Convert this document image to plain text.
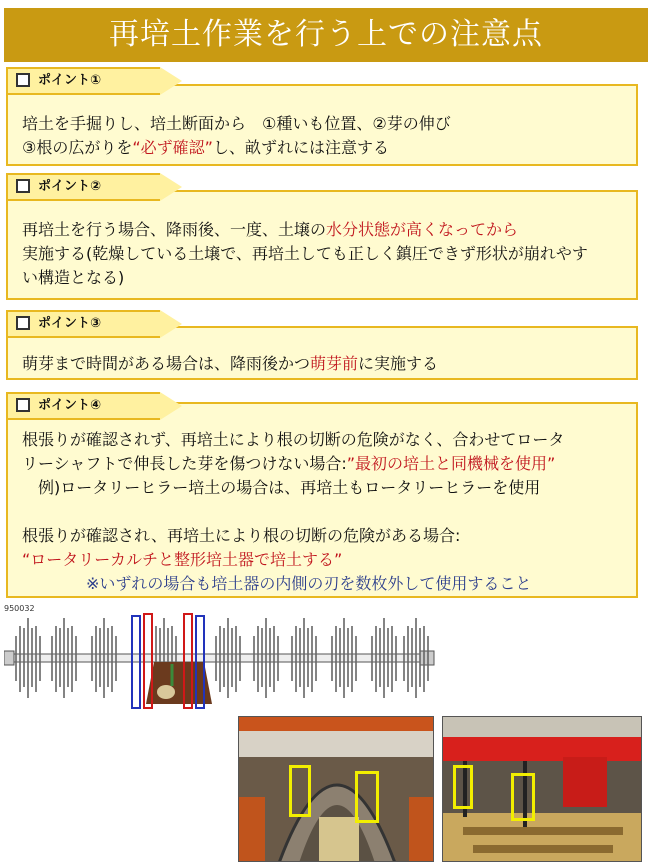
再培土作業を行う上での注意点
培土を手掘りし、培土断面から　①種いも位置、②芽の伸び
③根の広がりを“必ず確認”し、畝ずれには注意する
ポイント①
再培土を行う場合、降雨後、一度、土壌の水分状態が高くなってから
実施する(乾燥している土壌で、再培土しても正しく鎮圧できず形状が崩れやす
い構造となる)
ポイント②
萌芽まで時間がある場合は、降雨後かつ萌芽前に実施する
ポイント③
根張りが確認されず、再培土により根の切断の危険がなく、合わせてロータ
リーシャフトで伸長した芽を傷つけない場合:”最初の培土と同機械を使用”
　例)ロータリーヒラー培土の場合は、再培土もロータリーヒラーを使用

根張りが確認され、再培土により根の切断の危険がある場合:
“ロータリーカルチと整形培土器で培土する”
　　　　※いずれの場合も培土器の内側の刃を数枚外して使用すること
ポイント④
950032
